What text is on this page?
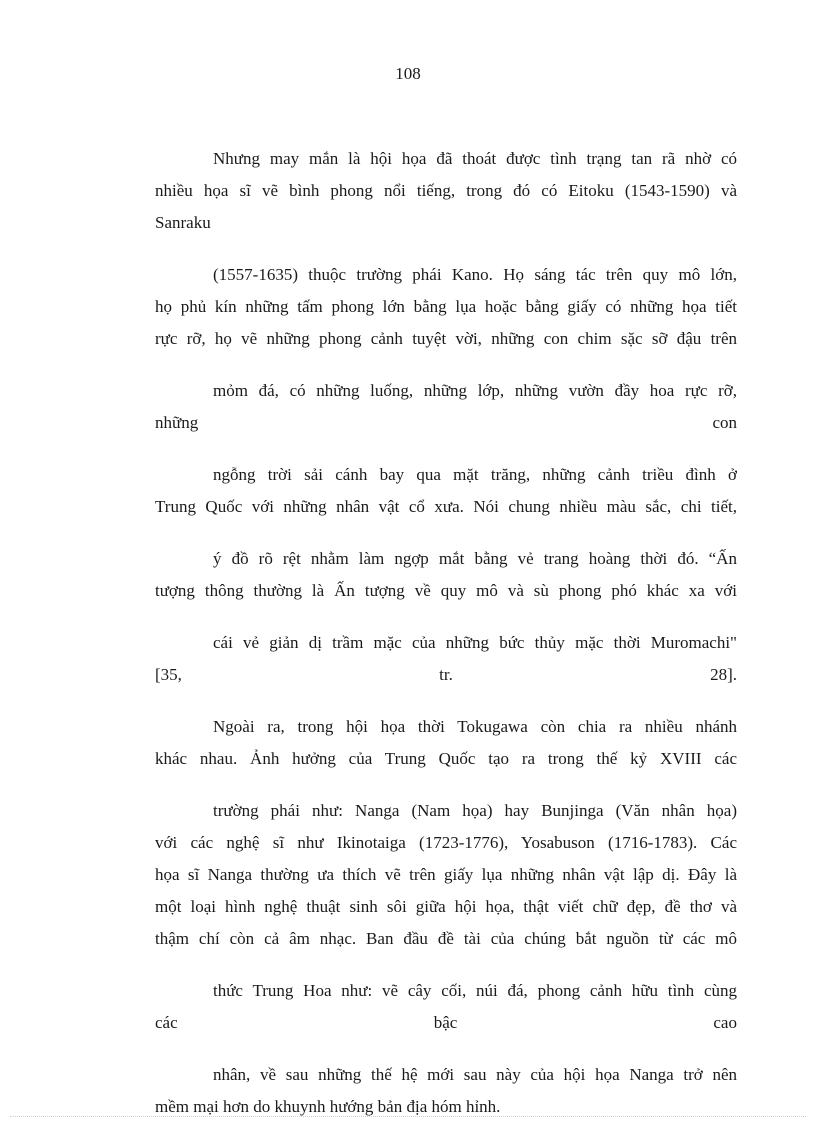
108
Nhưng may mắn là hội họa đã thoát được tình trạng tan rã nhờ có
nhiều họa sĩ vẽ bình phong nổi tiếng, trong đó có Eitoku (1543-1590) và
Sanraku
(1557-1635) thuộc trường phái Kano. Họ sáng tác trên quy mô lớn,
họ phủ kín những tấm phong lớn bằng lụa hoặc bằng giấy có những họa tiết
rực rỡ, họ vẽ những phong cảnh tuyệt vời, những con chim sặc sỡ đậu trên
mỏm đá, có những luống, những lớp, những vườn đầy hoa rực rỡ,
những	con
ngỗng trời sải cánh bay qua mặt trăng, những cảnh triều đình ở
Trung Quốc với những nhân vật cổ xưa. Nói chung nhiều màu sắc, chi tiết,
ý đồ rõ rệt nhằm làm ngợp mắt bằng vẻ trang hoàng thời đó. “Ấn
tượng thông thường là Ấn tượng về quy mô và sù phong phó khác xa với
cái vẻ giản dị trầm mặc của những bức thủy mặc thời Muromachi"
[35,	tr.	28].
Ngoài ra, trong hội họa thời Tokugawa còn chia ra nhiều nhánh
khác nhau. Ảnh hưởng của Trung Quốc tạo ra trong thế kỷ XVIII các
trường phái như: Nanga (Nam họa) hay Bunjinga (Văn nhân họa)
với các nghệ sĩ như Ikinotaiga (1723-1776), Yosabuson (1716-1783). Các
họa sĩ Nanga thường ưa thích vẽ trên giấy lụa những nhân vật lập dị. Đây là
một loại hình nghệ thuật sinh sôi giữa hội họa, thật viết chữ đẹp, đề thơ và
thậm chí còn cả âm nhạc. Ban đầu đề tài của chúng bắt nguồn từ các mô
thức Trung Hoa như: vẽ cây cối, núi đá, phong cảnh hữu tình cùng
các	bậc	cao
nhân, về sau những thế hệ mới sau này của hội họa Nanga trở nên
mềm mại hơn do khuynh hướng bản địa hóm hỉnh.
